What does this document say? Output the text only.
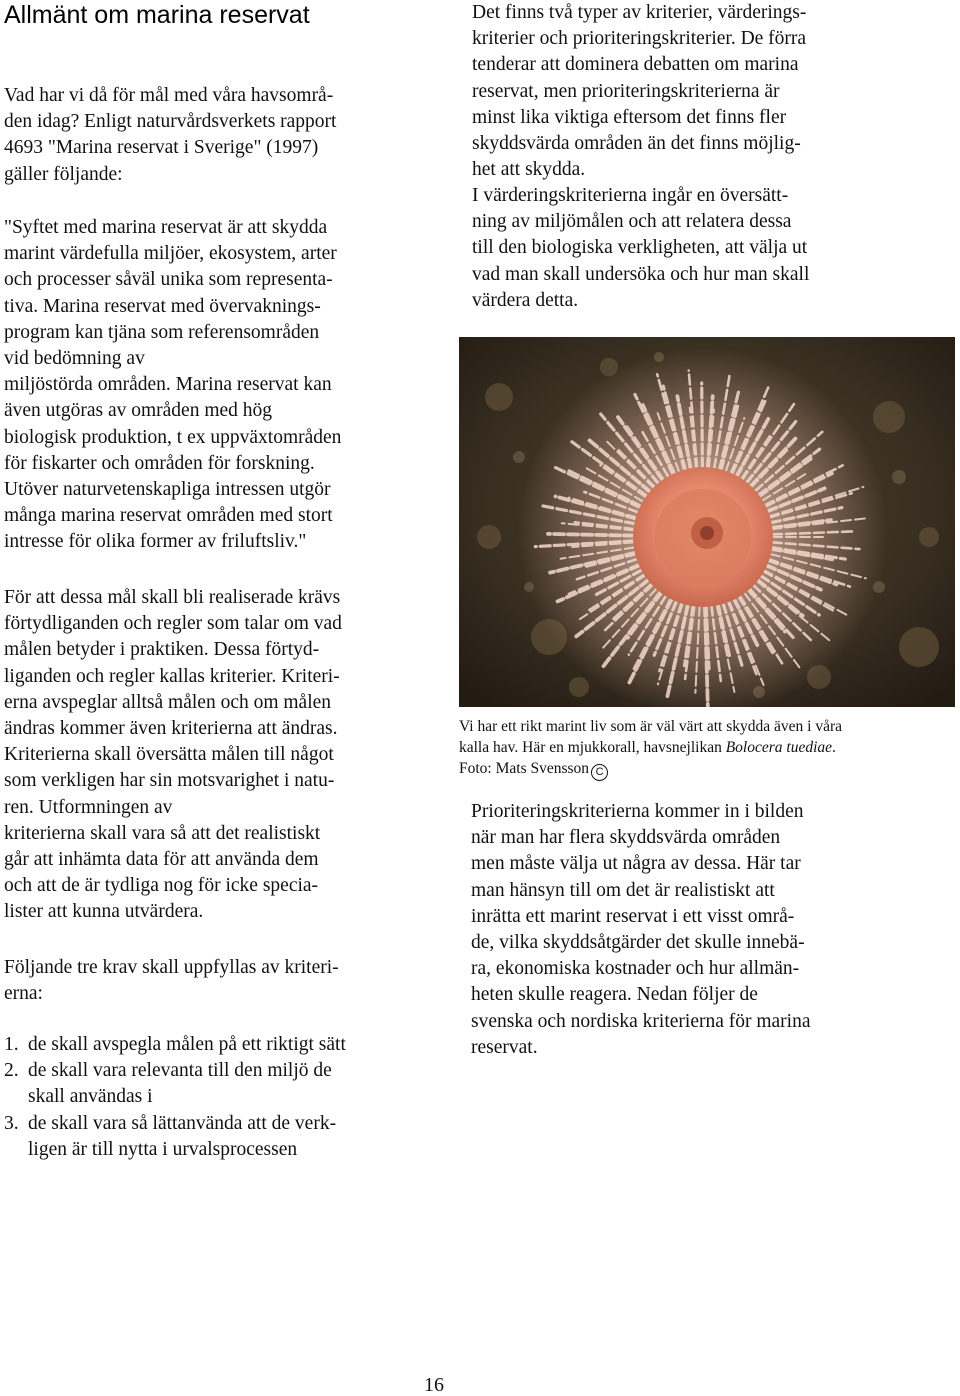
Allmänt om marina reservat
Vad har vi då för mål med våra havsområ-
den idag? Enligt naturvårdsverkets rapport
4693 "Marina reservat i Sverige" (1997)
gäller följande:
"Syftet med marina reservat är att skydda
marint värdefulla miljöer, ekosystem, arter
och processer såväl unika som representa-
tiva. Marina reservat med övervaknings-
program kan tjäna som referensområden
vid bedömning av
miljöstörda områden. Marina reservat kan
även utgöras av områden med hög
biologisk produktion, t ex uppväxtområden
för fiskarter och områden för forskning.
Utöver naturvetenskapliga intressen utgör
många marina reservat områden med stort
intresse för olika former av friluftsliv."
För att dessa mål skall bli realiserade krävs
förtydliganden och regler som talar om vad
målen betyder i praktiken. Dessa förtyd-
liganden och regler kallas kriterier. Kriteri-
erna avspeglar alltså målen och om målen
ändras kommer även kriterierna att ändras.
Kriterierna skall översätta målen till något
som verkligen har sin motsvarighet i natu-
ren. Utformningen av
kriterierna skall vara så att det realistiskt
går att inhämta data för att använda dem
och att de är tydliga nog för icke specia-
lister att kunna utvärdera.
Följande tre krav skall uppfyllas av kriteri-
erna:
1. de skall avspegla målen på ett riktigt sätt
2. de skall vara relevanta till den miljö de
skall användas i
3. de skall vara så lättanvända att de verk-
ligen är till nytta i urvalsprocessen
Det finns två typer av kriterier, värderings-
kriterier och prioriteringskriterier. De förra
tenderar att dominera debatten om marina
reservat, men prioriteringskriterierna är
minst lika viktiga eftersom det finns fler
skyddsvärda områden än det finns möjlig-
het att skydda.
I värderingskriterierna ingår en översätt-
ning av miljömålen och att relatera dessa
till den biologiska verkligheten, att välja ut
vad man skall undersöka och hur man skall
värdera detta.
Vi har ett rikt marint liv som är väl värt att skydda även i våra
kalla hav. Här en mjukkorall, havsnejlikan Bolocera tuediae.
Foto: Mats Svensson C
Prioriteringskriterierna kommer in i bilden
när man har flera skyddsvärda områden
men måste välja ut några av dessa. Här tar
man hänsyn till om det är realistiskt att
inrätta ett marint reservat i ett visst områ-
de, vilka skyddsåtgärder det skulle innebä-
ra, ekonomiska kostnader och hur allmän-
heten skulle reagera. Nedan följer de
svenska och nordiska kriterierna för marina
reservat.
16
